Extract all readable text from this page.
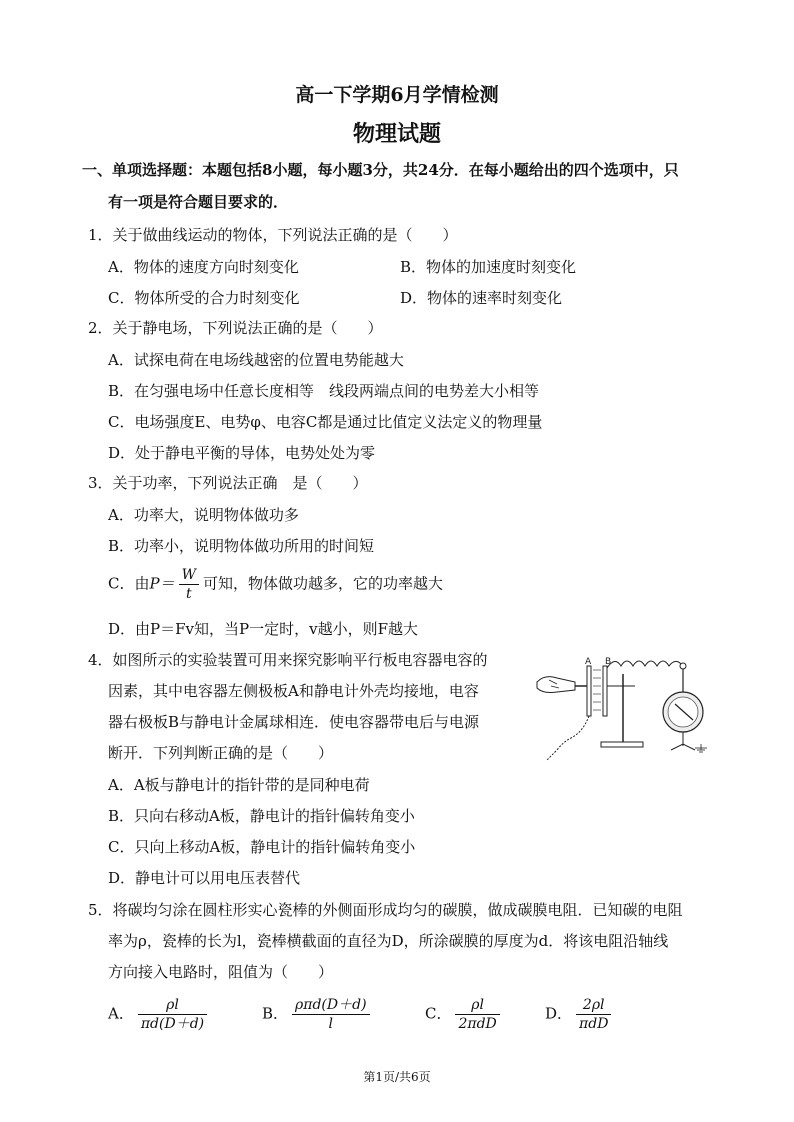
高一下学期6月学情检测
物理试题
一、单项选择题：本题包括8小题，每小题3分，共24分．在每小题给出的四个选项中，只
有一项是符合题目要求的．
1．关于做曲线运动的物体，下列说法正确的是（　　）
A．物体的速度方向时刻变化	B．物体的加速度时刻变化
C．物体所受的合力时刻变化	D．物体的速率时刻变化
2．关于静电场，下列说法正确的是（　　）
A．试探电荷在电场线越密的位置电势能越大
B．在匀强电场中任意长度相等　线段两端点间的电势差大小相等
C．电场强度E、电势φ、电容C都是通过比值定义法定义的物理量
D．处于静电平衡的导体，电势处处为零
3．关于功率，下列说法正确　是（　　）
A．功率大，说明物体做功多
B．功率小，说明物体做功所用的时间短
C．由$P= \frac{W}{t}$ 可知，物体做功越多，它的功率越大
D．由P＝Fv知，当P一定时，v越小，则F越大
4．如图所示的实验装置可用来探究影响平行板电容器电容的
因素，其中电容器左侧极板A和静电计外壳均接地，电容
器右极板B与静电计金属球相连．使电容器带电后与电源
断开．下列判断正确的是（　　）
A．A板与静电计的指针带的是同种电荷
B．只向右移动A板，静电计的指针偏转角变小
C．只向上移动A板，静电计的指针偏转角变小
D．静电计可以用电压表替代
A B
5．将碳均匀涂在圆柱形实心瓷棒的外侧面形成均匀的碳膜，做成碳膜电阻．已知碳的电阻
率为ρ，瓷棒的长为l，瓷棒横截面的直径为D，所涂碳膜的厚度为d．将该电阻沿轴线
方向接入电路时，阻值为（　　）
A． $\frac{\rho l}{\pi d(D+d)}$	B． $\frac{\text{ρπd(D＋d)}}{l}$	C． $\frac{\rho l}{\text{2πdD}}$	D． $\frac{2\rho l}{\text{πdD}}$
第1页/共6页
